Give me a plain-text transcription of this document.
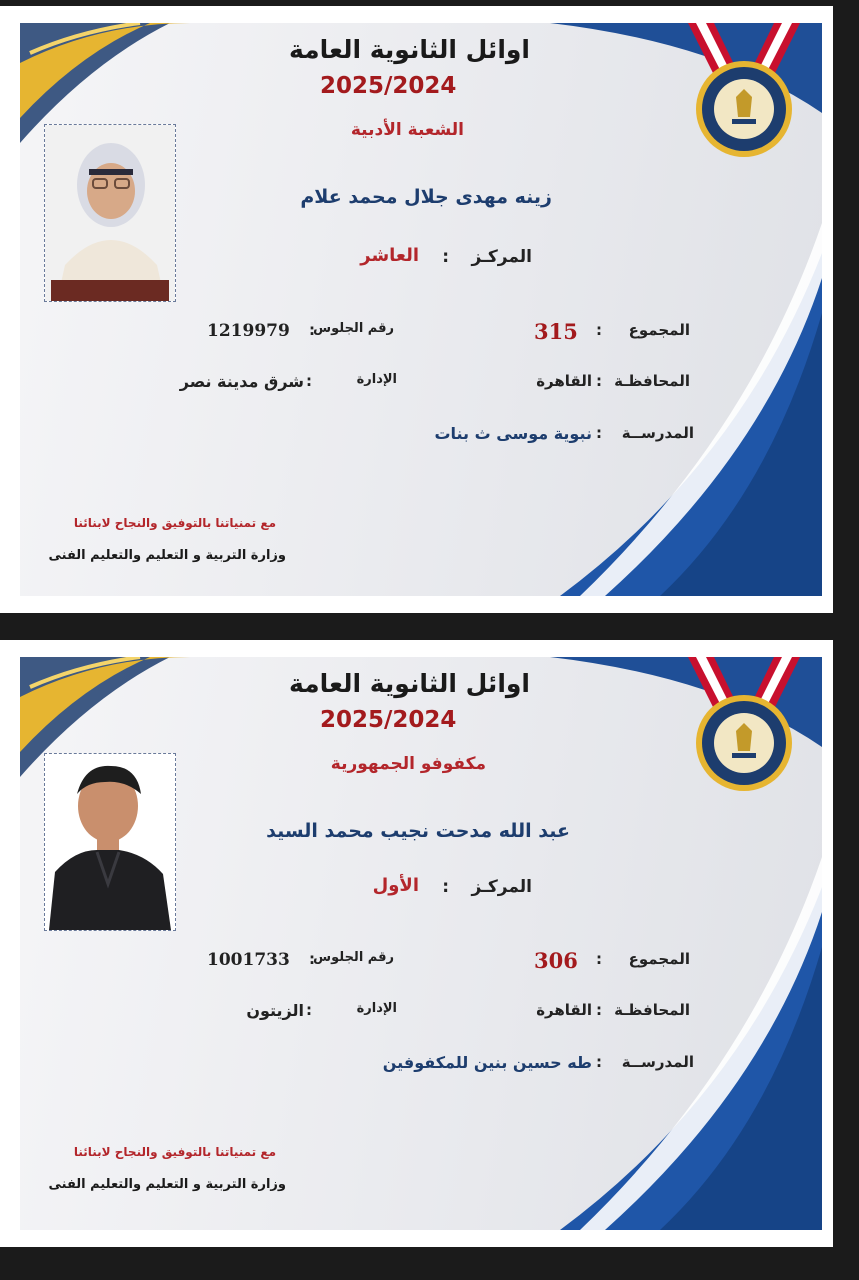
اوائل الثانوية العامة
2025/2024
الشعبة الأدبية
زينه مهدى جلال محمد علام
المركـز
:
العاشر
المجموع
:
315
رقم الجلوس
:
1219979
المحافظـة
:
القاهرة
الإدارة
:
شرق مدينة نصر
المدرســة
:
نبوية موسى ث بنات
مع تمنياتنا بالتوفيق والنجاح لابنائنا
وزارة التربية و التعليم والتعليم الفنى
اوائل الثانوية العامة
2025/2024
مكفوفو الجمهورية
عبد الله مدحت نجيب محمد السيد
المركـز
:
الأول
المجموع
:
306
رقم الجلوس
:
1001733
المحافظـة
:
القاهرة
الإدارة
:
الزيتون
المدرســة
:
طه حسين بنين للمكفوفين
مع تمنياتنا بالتوفيق والنجاح لابنائنا
وزارة التربية و التعليم والتعليم الفنى
